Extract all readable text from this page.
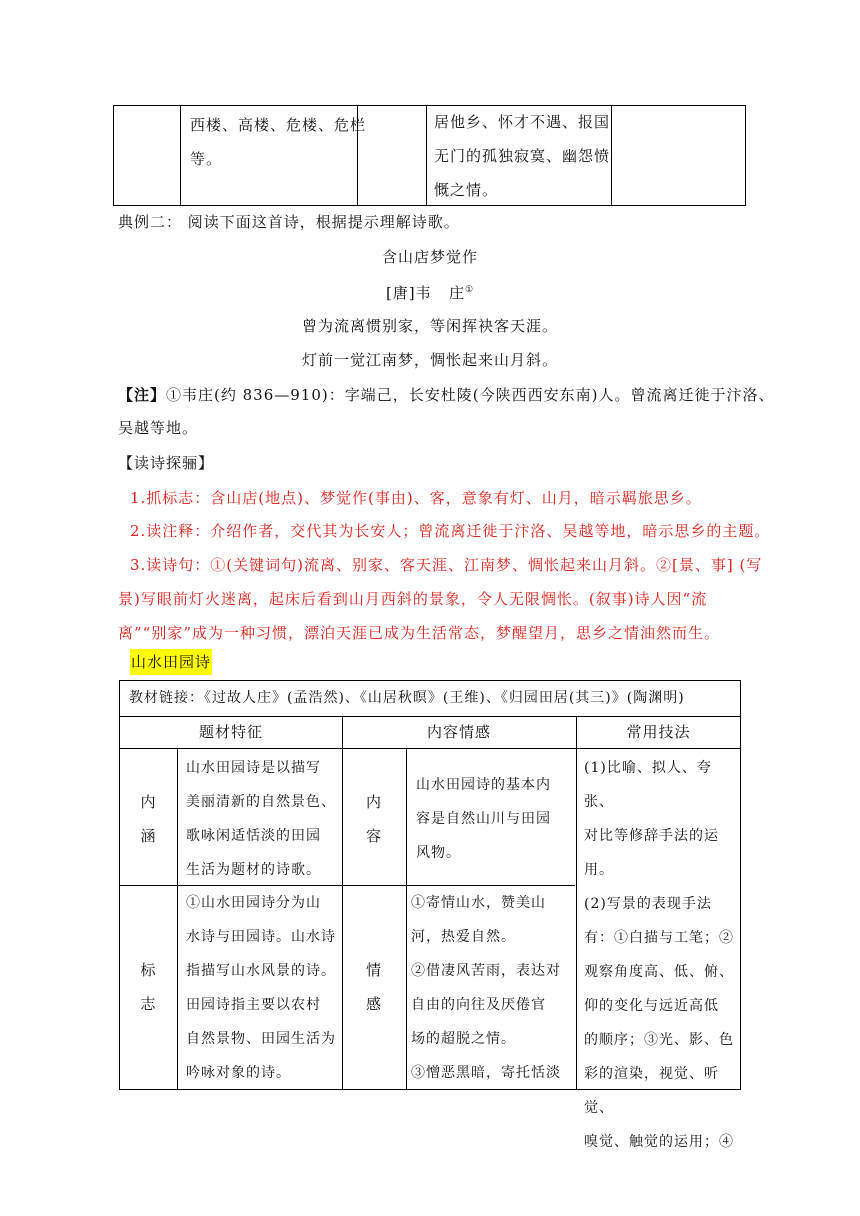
西楼、高楼、危楼、危栏
等。
居他乡、怀才不遇、报国
无门的孤独寂寞、幽怨愤
慨之情。
典例二： 阅读下面这首诗，根据提示理解诗歌。
含山店梦觉作
[唐]韦   庄①
曾为流离惯别家，等闲挥袂客天涯。
灯前一觉江南梦，惆怅起来山月斜。
【注】①韦庄(约 836—910)：字端己，长安杜陵(今陕西西安东南)人。曾流离迁徙于汴洛、
吴越等地。
【读诗探骊】
1.抓标志：含山店(地点)、梦觉作(事由)、客，意象有灯、山月，暗示羁旅思乡。
2.读注释：介绍作者，交代其为长安人；曾流离迁徙于汴洛、吴越等地，暗示思乡的主题。
3.读诗句：①(关键词句)流离、别家、客天涯、江南梦、惆怅起来山月斜。②[景、事] (写
景)写眼前灯火迷离，起床后看到山月西斜的景象，令人无限惆怅。(叙事)诗人因“流
离”“别家”成为一种习惯，漂泊天涯已成为生活常态，梦醒望月，思乡之情油然而生。
山水田园诗
教材链接：《过故人庄》(孟浩然)、《山居秋暝》(王维)、《归园田居(其三)》(陶渊明)
题材特征	内容情感	常用技法
内
涵
山水田园诗是以描写
美丽清新的自然景色、
歌咏闲适恬淡的田园
生活为题材的诗歌。
内
容
山水田园诗的基本内
容是自然山川与田园
风物。
标
志
①山水田园诗分为山
水诗与田园诗。山水诗
指描写山水风景的诗。
田园诗指主要以农村
自然景物、田园生活为
吟咏对象的诗。
情
感
①寄情山水，赞美山
河，热爱自然。
②借凄风苦雨，表达对
自由的向往及厌倦官
场的超脱之情。
③憎恶黑暗，寄托恬淡
(1)比喻、拟人、夸张、
对比等修辞手法的运
用。
(2)写景的表现手法
有：①白描与工笔；②
观察角度高、低、俯、
仰的变化与远近高低
的顺序；③光、影、色
彩的渲染，视觉、听觉、
嗅觉、触觉的运用；④
